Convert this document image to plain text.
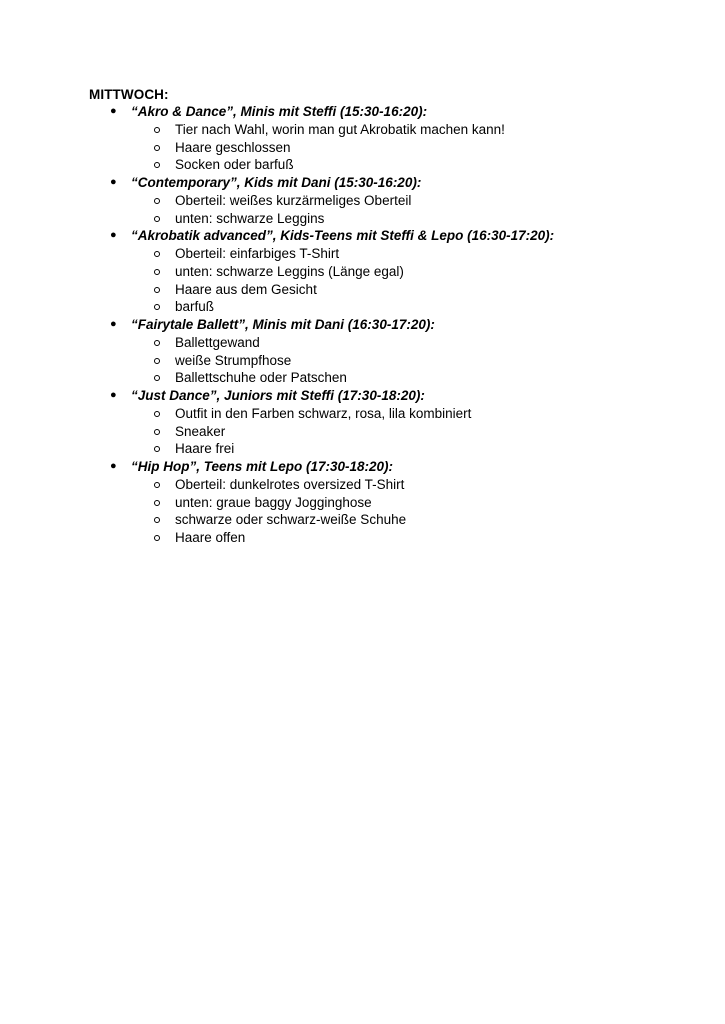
MITTWOCH:
● “Akro & Dance”, Minis mit Steffi (15:30-16:20):
Tier nach Wahl, worin man gut Akrobatik machen kann!
Haare geschlossen
Socken oder barfuß
● “Contemporary”, Kids mit Dani (15:30-16:20):
Oberteil: weißes kurzärmeliges Oberteil
unten: schwarze Leggins
● “Akrobatik advanced”, Kids-Teens mit Steffi & Lepo (16:30-17:20):
Oberteil: einfarbiges T-Shirt
unten: schwarze Leggins (Länge egal)
Haare aus dem Gesicht
barfuß
● “Fairytale Ballett”, Minis mit Dani (16:30-17:20):
Ballettgewand
weiße Strumpfhose
Ballettschuhe oder Patschen
● “Just Dance”, Juniors mit Steffi (17:30-18:20):
Outfit in den Farben schwarz, rosa, lila kombiniert
Sneaker
Haare frei
● “Hip Hop”, Teens mit Lepo (17:30-18:20):
Oberteil: dunkelrotes oversized T-Shirt
unten: graue baggy Jogginghose
schwarze oder schwarz-weiße Schuhe
Haare offen
